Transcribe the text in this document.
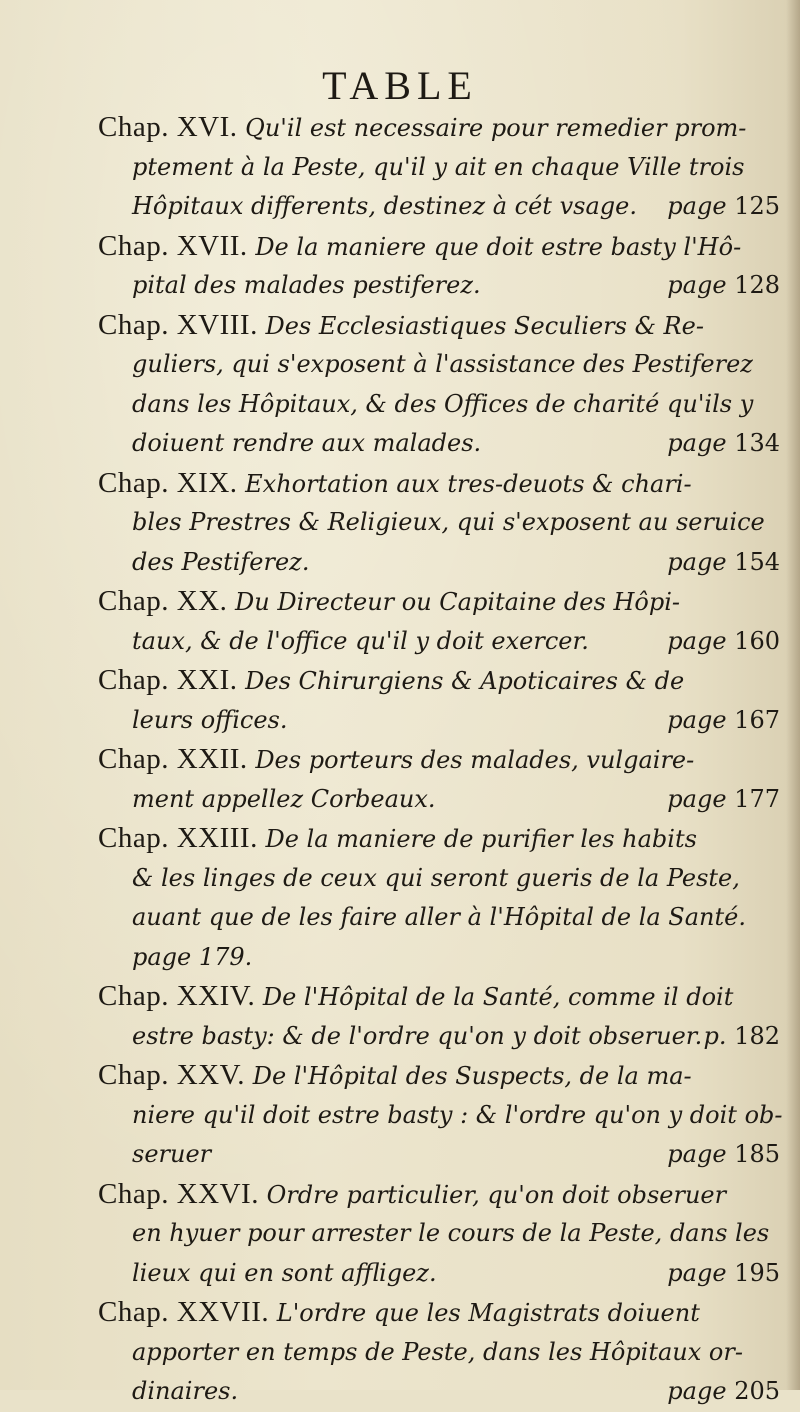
TABLE
Chap. XVI. Qu'il est necessaire pour remedier prom-
ptement à la Peste, qu'il y ait en chaque Ville trois
Hôpitaux differents, destinez à cét vsage. page 125
Chap. XVII. De la maniere que doit estre basty l'Hô-
pital des malades pestiferez.	page 128
Chap. XVIII. Des Ecclesiastiques Seculiers & Re-
guliers, qui s'exposent à l'assistance des Pestiferez
dans les Hôpitaux, & des Offices de charité qu'ils y
doiuent rendre aux malades.	page 134
Chap. XIX. Exhortation aux tres-deuots & chari-
bles Prestres & Religieux, qui s'exposent au seruice
des Pestiferez.	page 154
Chap. XX. Du Directeur ou Capitaine des Hôpi-
taux, & de l'office qu'il y doit exercer.	page 160
Chap. XXI. Des Chirurgiens & Apoticaires & de
leurs offices.	page 167
Chap. XXII. Des porteurs des malades, vulgaire-
ment appellez Corbeaux.	page 177
Chap. XXIII. De la maniere de purifier les habits
& les linges de ceux qui seront gueris de la Peste,
auant que de les faire aller à l'Hôpital de la Santé.
page 179.
Chap. XXIV. De l'Hôpital de la Santé, comme il doit
estre basty: & de l'ordre qu'on y doit obseruer. p. 182
Chap. XXV. De l'Hôpital des Suspects, de la ma-
niere qu'il doit estre basty : & l'ordre qu'on y doit ob-
seruer	page 185
Chap. XXVI. Ordre particulier, qu'on doit obseruer
en hyuer pour arrester le cours de la Peste, dans les
lieux qui en sont affligez.	page 195
Chap. XXVII. L'ordre que les Magistrats doiuent
apporter en temps de Peste, dans les Hôpitaux or-
dinaires.	page 205
